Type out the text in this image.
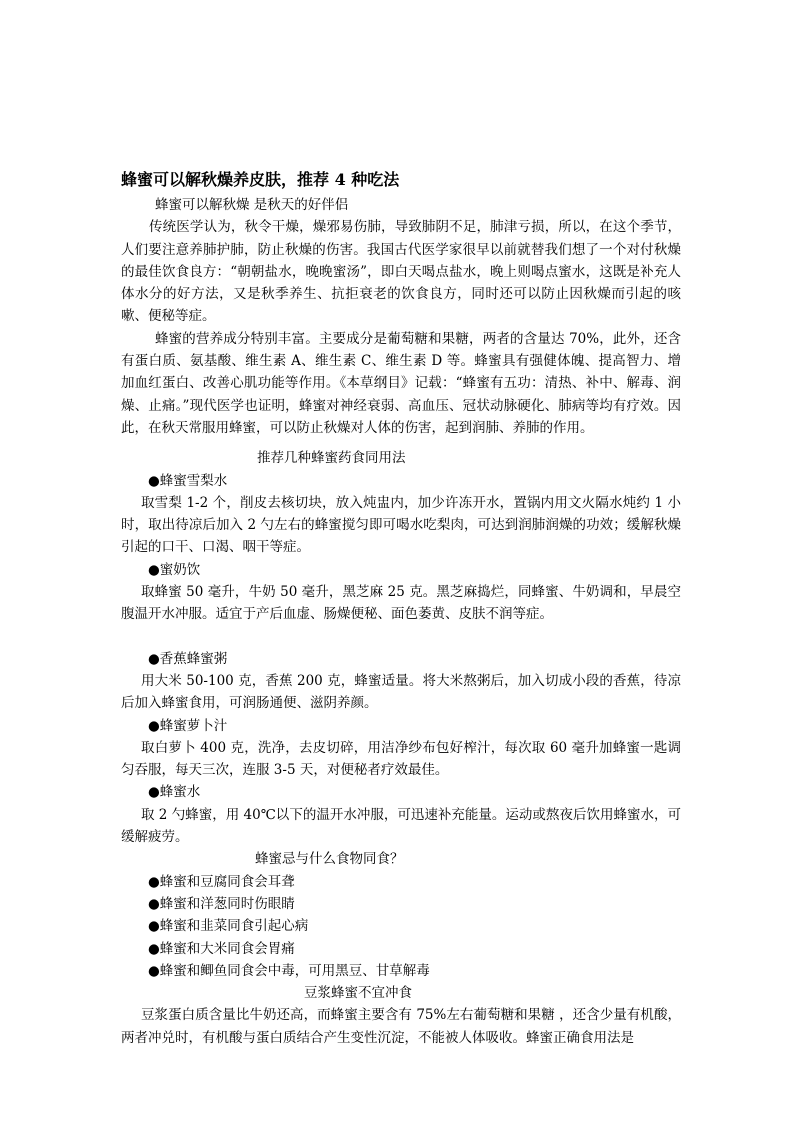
蜂蜜可以解秋燥养皮肤，推荐 4 种吃法

蜂蜜可以解秋燥 是秋天的好伴侣

传统医学认为，秋令干燥，燥邪易伤肺，导致肺阴不足，肺津亏损，所以，在这个季节，人们要注意养肺护肺，防止秋燥的伤害。我国古代医学家很早以前就替我们想了一个对付秋燥的最佳饮食良方：“朝朝盐水，晚晚蜜汤”，即白天喝点盐水，晚上则喝点蜜水，这既是补充人体水分的好方法，又是秋季养生、抗拒衰老的饮食良方，同时还可以防止因秋燥而引起的咳嗽、便秘等症。

蜂蜜的营养成分特别丰富。主要成分是葡萄糖和果糖，两者的含量达 70%，此外，还含有蛋白质、氨基酸、维生素 A、维生素 C、维生素 D 等。蜂蜜具有强健体魄、提高智力、增加血红蛋白、改善心肌功能等作用。《本草纲目》记载：“蜂蜜有五功：清热、补中、解毒、润燥、止痛。”现代医学也证明，蜂蜜对神经衰弱、高血压、冠状动脉硬化、肺病等均有疗效。因此，在秋天常服用蜂蜜，可以防止秋燥对人体的伤害，起到润肺、养肺的作用。

推荐几种蜂蜜药食同用法

●蜂蜜雪梨水

取雪梨 1-2 个，削皮去核切块，放入炖盅内，加少许冻开水，置锅内用文火隔水炖约 1 小时，取出待凉后加入 2 勺左右的蜂蜜搅匀即可喝水吃梨肉，可达到润肺润燥的功效；缓解秋燥引起的口干、口渴、咽干等症。

●蜜奶饮

取蜂蜜 50 毫升，牛奶 50 毫升，黑芝麻 25 克。黑芝麻捣烂，同蜂蜜、牛奶调和，早晨空腹温开水冲服。适宜于产后血虚、肠燥便秘、面色萎黄、皮肤不润等症。

●香蕉蜂蜜粥

用大米 50-100 克，香蕉 200 克，蜂蜜适量。将大米熬粥后，加入切成小段的香蕉，待凉后加入蜂蜜食用，可润肠通便、滋阴养颜。

●蜂蜜萝卜汁

取白萝卜 400 克，洗净，去皮切碎，用洁净纱布包好榨汁，每次取 60 毫升加蜂蜜一匙调匀吞服，每天三次，连服 3-5 天，对便秘者疗效最佳。

●蜂蜜水

取 2 勺蜂蜜，用 40℃以下的温开水冲服，可迅速补充能量。运动或熬夜后饮用蜂蜜水，可缓解疲劳。

蜂蜜忌与什么食物同食？

●蜂蜜和豆腐同食会耳聋

●蜂蜜和洋葱同时伤眼睛

●蜂蜜和韭菜同食引起心病

●蜂蜜和大米同食会胃痛

●蜂蜜和鲫鱼同食会中毒，可用黑豆、甘草解毒

豆浆蜂蜜不宜冲食

豆浆蛋白质含量比牛奶还高，而蜂蜜主要含有 75%左右葡萄糖和果糖 ，还含少量有机酸，两者冲兑时，有机酸与蛋白质结合产生变性沉淀，不能被人体吸收。蜂蜜正确食用法是
